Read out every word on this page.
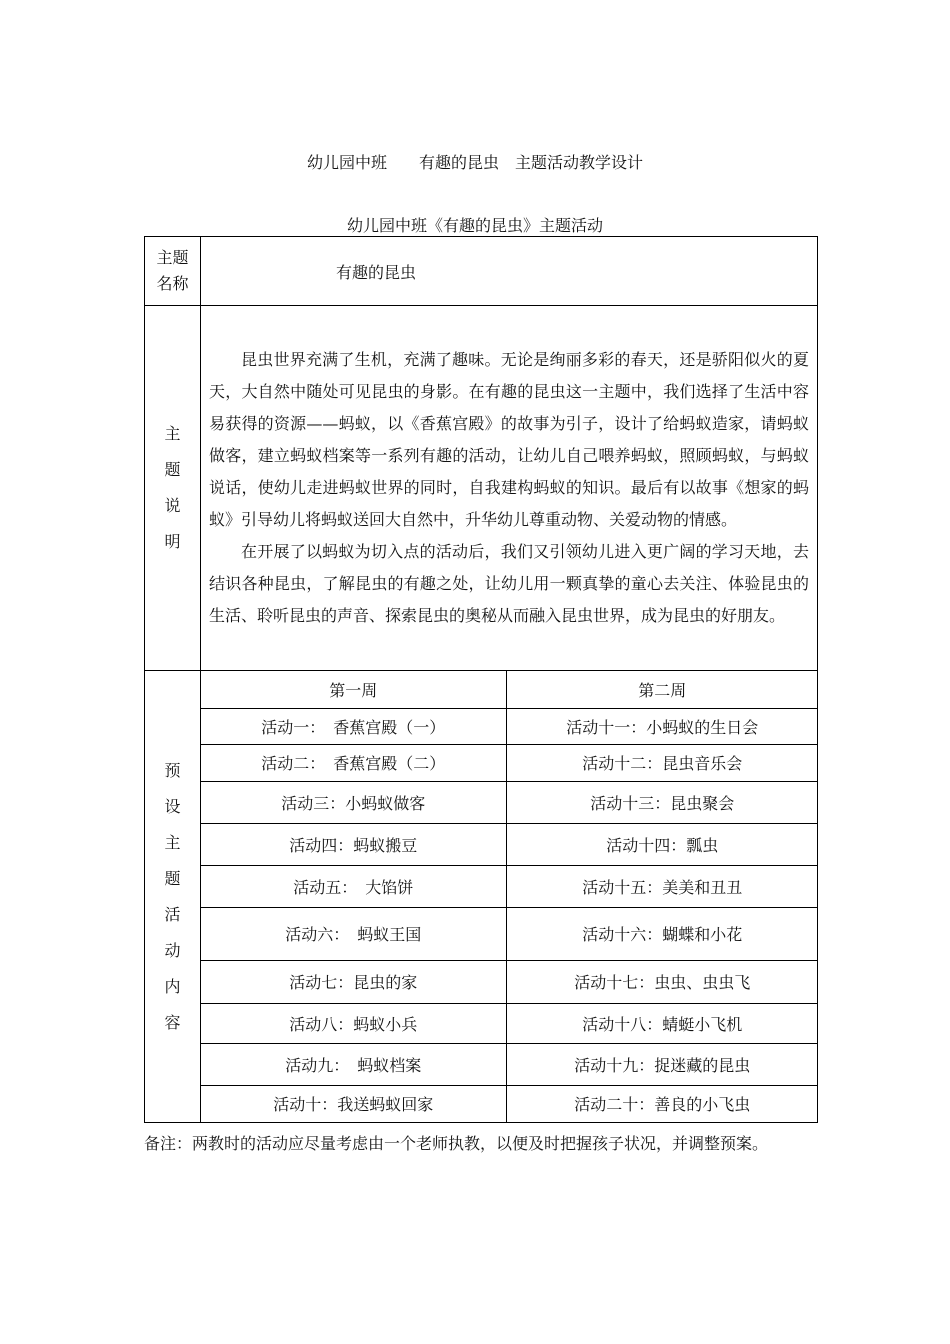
幼儿园中班　　有趣的昆虫　主题活动教学设计
幼儿园中班《有趣的昆虫》主题活动
主题
名称
	有趣的昆虫

主
题
说
明

昆虫世界充满了生机，充满了趣味。无论是绚丽多彩的春天，还是骄阳似火的夏天，大自然中随处可见昆虫的身影。在有趣的昆虫这一主题中，我们选择了生活中容易获得的资源——蚂蚁，以《香蕉宫殿》的故事为引子，设计了给蚂蚁造家，请蚂蚁做客，建立蚂蚁档案等一系列有趣的活动，让幼儿自己喂养蚂蚁，照顾蚂蚁，与蚂蚁说话，使幼儿走进蚂蚁世界的同时，自我建构蚂蚁的知识。最后有以故事《想家的蚂蚁》引导幼儿将蚂蚁送回大自然中，升华幼儿尊重动物、关爱动物的情感。

在开展了以蚂蚁为切入点的活动后，我们又引领幼儿进入更广阔的学习天地，去结识各种昆虫，了解昆虫的有趣之处，让幼儿用一颗真挚的童心去关注、体验昆虫的生活、聆听昆虫的声音、探索昆虫的奥秘从而融入昆虫世界，成为昆虫的好朋友。

预
设
主
题
活
动
内
容

第一周	第二周
活动一：　香蕉宫殿（一）	活动十一：小蚂蚁的生日会
活动二：　香蕉宫殿（二）	活动十二：昆虫音乐会
活动三：小蚂蚁做客	活动十三：昆虫聚会
活动四：蚂蚁搬豆	活动十四：瓢虫
活动五：　大馅饼	活动十五：美美和丑丑
活动六：　蚂蚁王国	活动十六：蝴蝶和小花
活动七：昆虫的家	活动十七：虫虫、虫虫飞
活动八：蚂蚁小兵	活动十八：蜻蜓小飞机
活动九：　蚂蚁档案	活动十九：捉迷藏的昆虫
活动十：我送蚂蚁回家	活动二十：善良的小飞虫
备注：两教时的活动应尽量考虑由一个老师执教，以便及时把握孩子状况，并调整预案。
